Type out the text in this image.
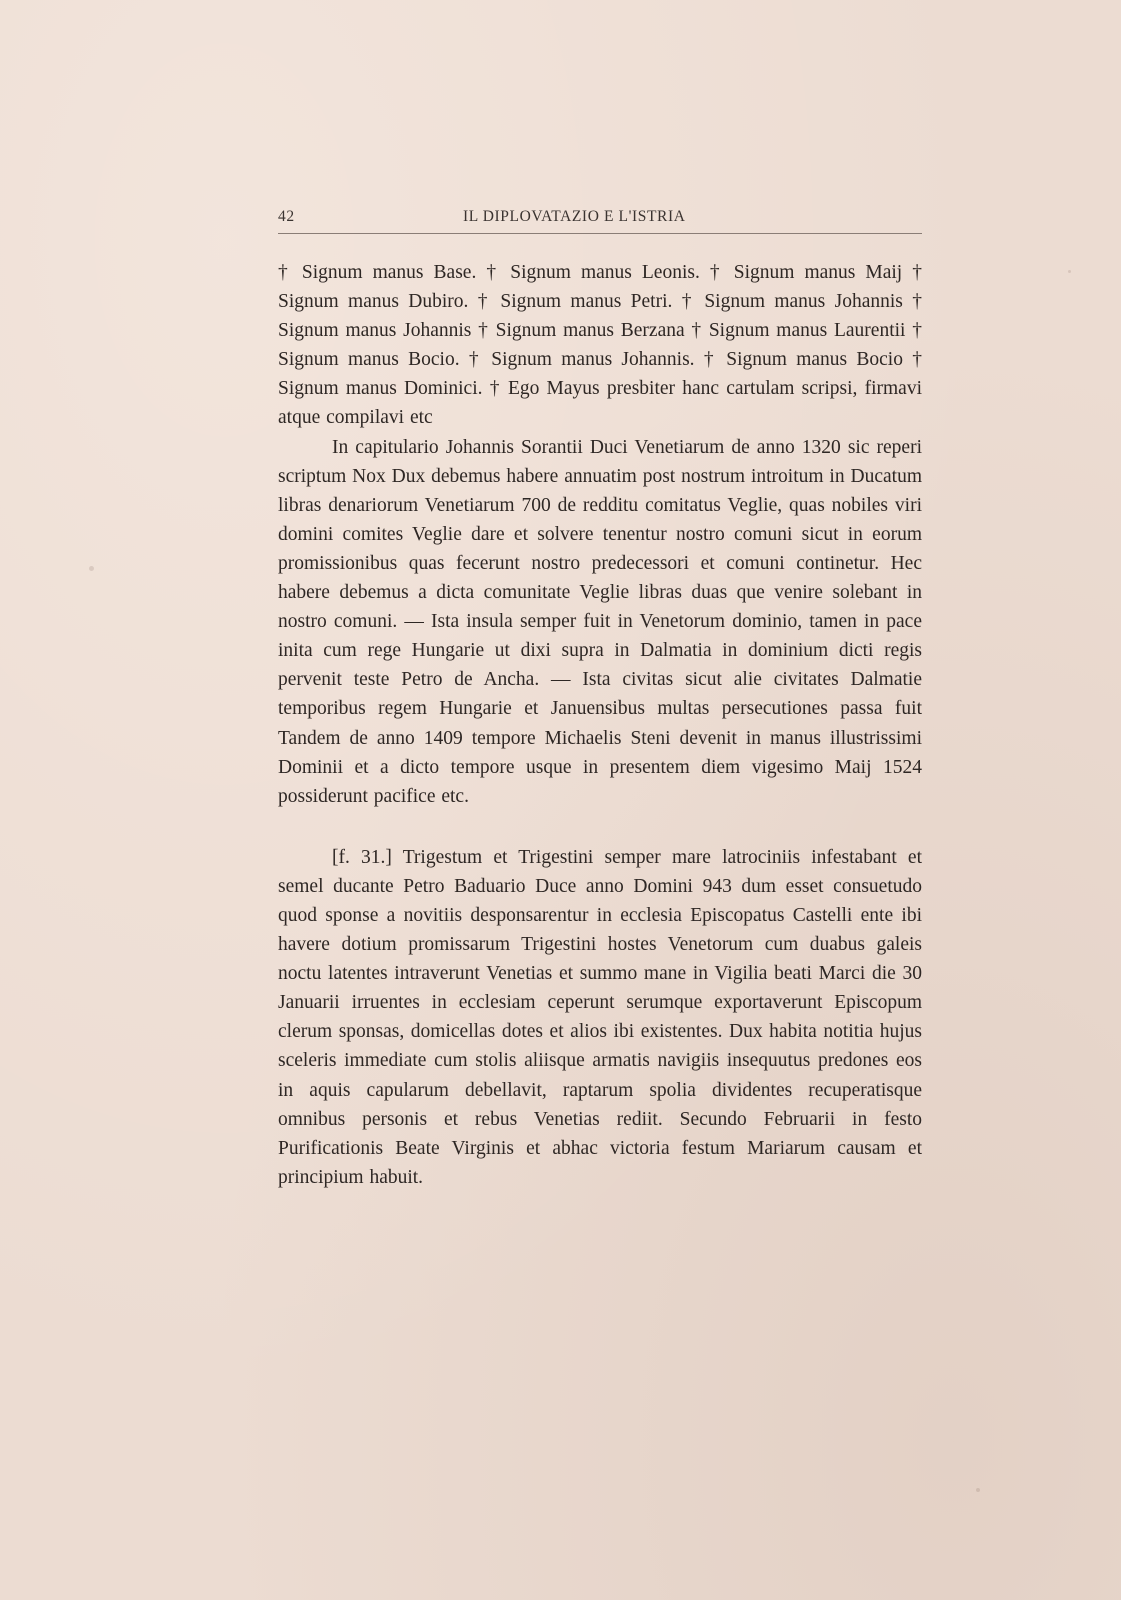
42	IL DIPLOVATAZIO E L'ISTRIA

† Signum manus Base. † Signum manus Leonis. † Signum manus Maij † Signum manus Dubiro. † Signum manus Petri. † Signum manus Johannis † Signum manus Johannis † Signum manus Berzana † Signum manus Laurentii † Signum manus Bocio. † Signum manus Johannis. † Signum manus Bocio † Signum manus Dominici. † Ego Mayus presbiter hanc cartulam scripsi, firmavi atque compilavi etc

In capitulario Johannis Sorantii Duci Venetiarum de anno 1320 sic reperi scriptum Nox Dux debemus habere annuatim post nostrum introitum in Ducatum libras denariorum Venetiarum 700 de redditu comitatus Veglie, quas nobiles viri domini comites Veglie dare et solvere tenentur nostro comuni sicut in eorum promissionibus quas fecerunt nostro predecessori et comuni continetur. Hec habere debemus a dicta comunitate Veglie libras duas que venire solebant in nostro comuni. — Ista insula semper fuit in Venetorum dominio, tamen in pace inita cum rege Hungarie ut dixi supra in Dalmatia in dominium dicti regis pervenit teste Petro de Ancha. — Ista civitas sicut alie civitates Dalmatie temporibus regem Hungarie et Januensibus multas persecutiones passa fuit Tandem de anno 1409 tempore Michaelis Steni devenit in manus illustrissimi Dominii et a dicto tempore usque in presentem diem vigesimo Maij 1524 possiderunt pacifice etc.

[f. 31.] Trigestum et Trigestini semper mare latrociniis infestabant et semel ducante Petro Baduario Duce anno Domini 943 dum esset consuetudo quod sponse a novitiis desponsarentur in ecclesia Episcopatus Castelli ente ibi havere dotium promissarum Trigestini hostes Venetorum cum duabus galeis noctu latentes intraverunt Venetias et summo mane in Vigilia beati Marci die 30 Januarii irruentes in ecclesiam ceperunt serumque exportaverunt Episcopum clerum sponsas, domicellas dotes et alios ibi existentes. Dux habita notitia hujus sceleris immediate cum stolis aliisque armatis navigiis insequutus predones eos in aquis capularum debellavit, raptarum spolia dividentes recuperatisque omnibus personis et rebus Venetias rediit. Secundo Februarii in festo Purificationis Beate Virginis et abhac victoria festum Mariarum causam et principium habuit.
